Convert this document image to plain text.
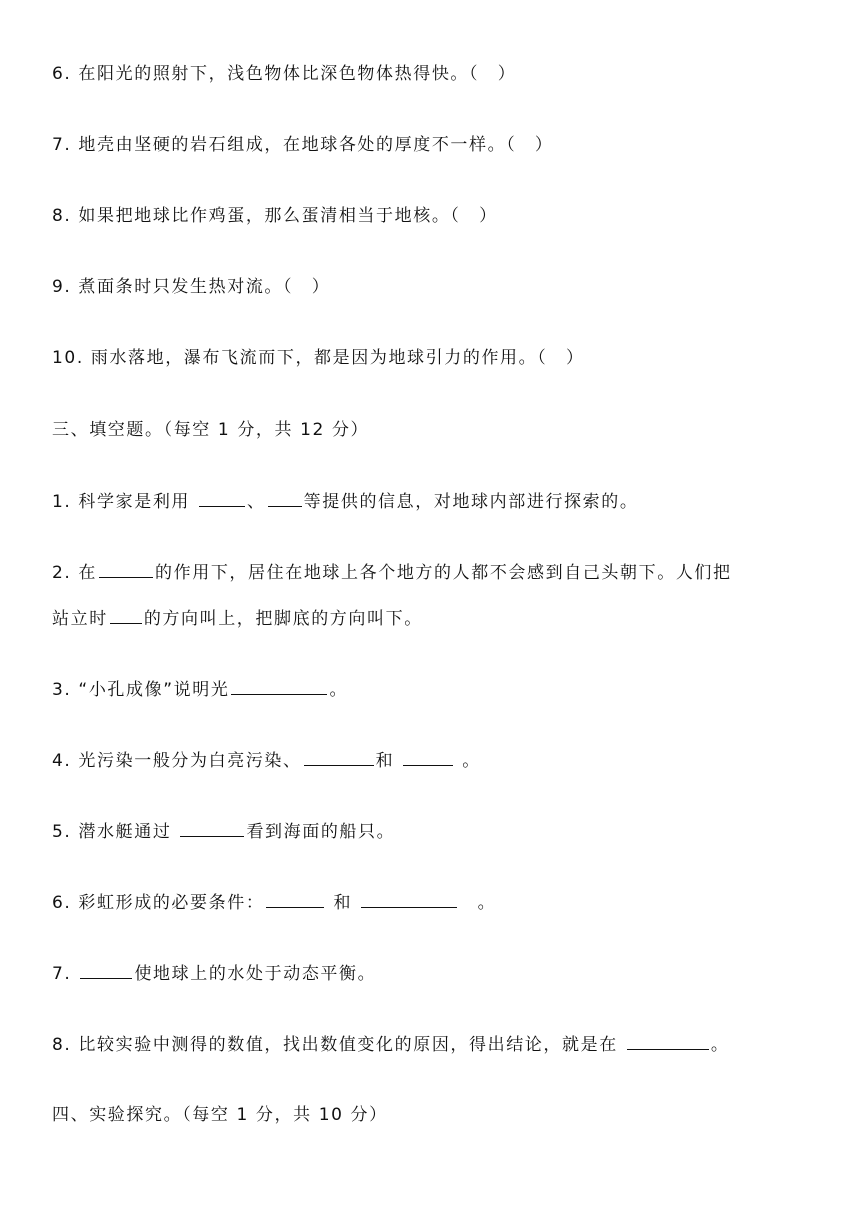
6. 在阳光的照射下，浅色物体比深色物体热得快。（　）
7. 地壳由坚硬的岩石组成，在地球各处的厚度不一样。（　）
8. 如果把地球比作鸡蛋，那么蛋清相当于地核。（　）
9. 煮面条时只发生热对流。（　）
10. 雨水落地，瀑布飞流而下，都是因为地球引力的作用。（　）
三、填空题。（每空 1 分，共 12 分）
1. 科学家是利用	、 等提供的信息，对地球内部进行探索的。
2. 在	的作用下，居住在地球上各个地方的人都不会感到自己头朝下。人们把
站立时 的方向叫上，把脚底的方向叫下。
3. “小孔成像”说明光	。
4. 光污染一般分为白亮污染、	和	。
5. 潜水艇通过	看到海面的船只。
6. 彩虹形成的必要条件：	和	　。
7.	使地球上的水处于动态平衡。
8. 比较实验中测得的数值，找出数值变化的原因，得出结论，就是在	。
四、实验探究。（每空 1 分，共 10 分）
